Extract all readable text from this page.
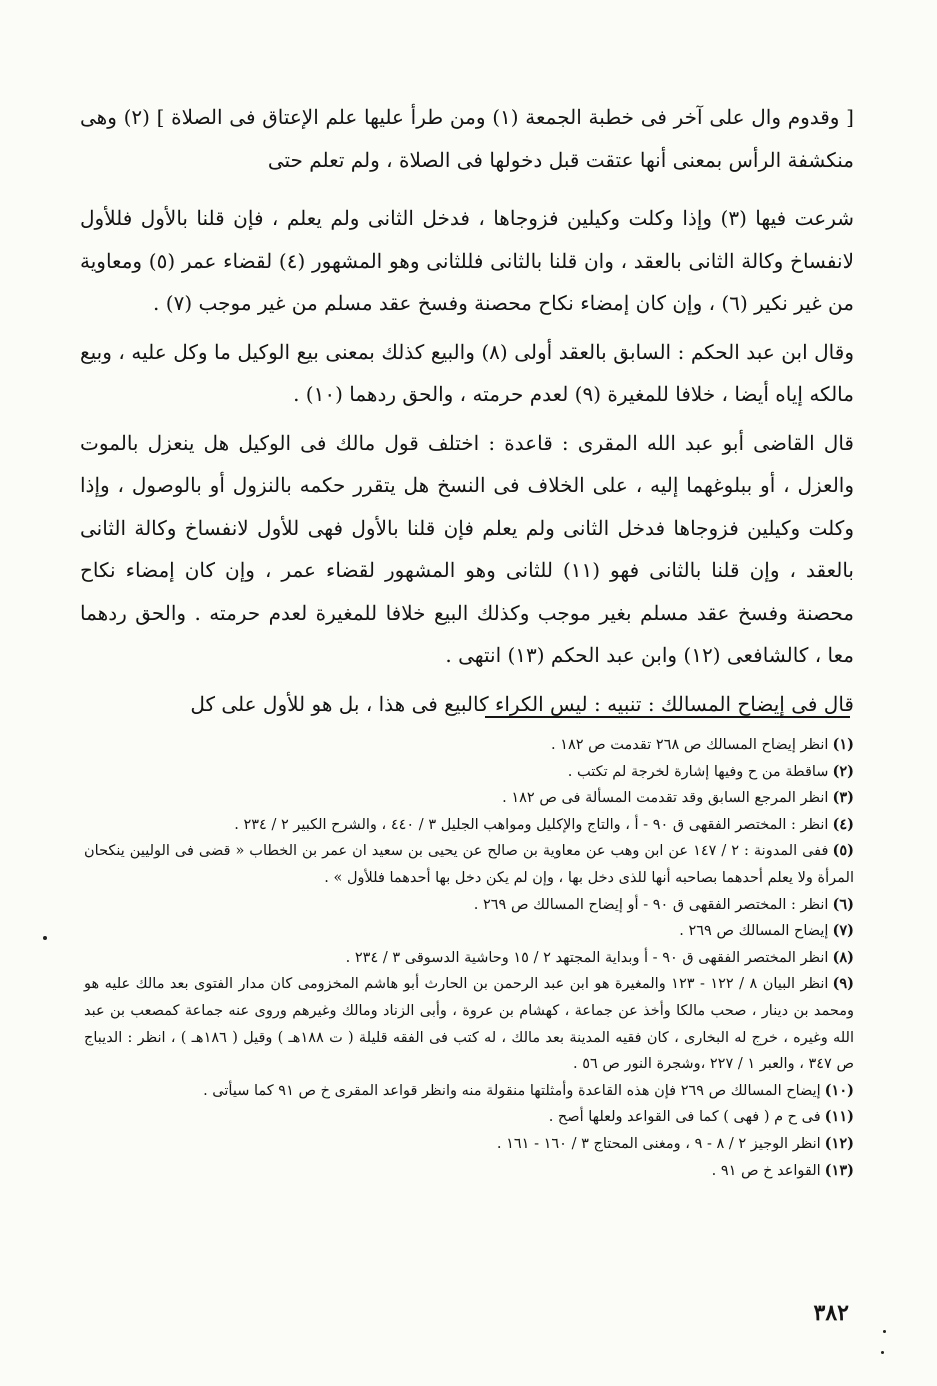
[ وقدوم وال على آخر فى خطبة الجمعة (١) ومن طرأ عليها علم الإعتاق فى الصلاة ] (٢) وهى منكشفة الرأس بمعنى أنها عتقت قبل دخولها فى الصلاة ، ولم تعلم حتى

شرعت فيها (٣) وإذا وكلت وكيلين فزوجاها ، فدخل الثانى ولم يعلم ، فإن قلنا بالأول فللأول لانفساخ وكالة الثانى بالعقد ، وان قلنا بالثانى فللثانى وهو المشهور (٤) لقضاء عمر (٥) ومعاوية من غير نكير (٦) ، وإن كان إمضاء نكاح محصنة وفسخ عقد مسلم من غير موجب (٧) .

وقال ابن عبد الحكم : السابق بالعقد أولى (٨) والبيع كذلك بمعنى بيع الوكيل ما وكل عليه ، وبيع مالكه إياه أيضا ، خلافا للمغيرة (٩) لعدم حرمته ، والحق ردهما (١٠) .

قال القاضى أبو عبد الله المقرى : قاعدة : اختلف قول مالك فى الوكيل هل ينعزل بالموت والعزل ، أو ببلوغهما إليه ، على الخلاف فى النسخ هل يتقرر حكمه بالنزول أو بالوصول ، وإذا وكلت وكيلين فزوجاها فدخل الثانى ولم يعلم فإن قلنا بالأول فهى للأول لانفساخ وكالة الثانى بالعقد ، وإن قلنا بالثانى فهو (١١) للثانى وهو المشهور لقضاء عمر ، وإن كان إمضاء نكاح محصنة وفسخ عقد مسلم بغير موجب وكذلك البيع خلافا للمغيرة لعدم حرمته . والحق ردهما معا ، كالشافعى (١٢) وابن عبد الحكم (١٣) انتهى .

قال فى إيضاح المسالك : تنبيه : ليس الكراء كالبيع فى هذا ، بل هو للأول على كل

(١)انظر إيضاح المسالك ص ٢٦٨ تقدمت ص ١٨٢ .

(٢)ساقطة من ح وفيها إشارة لخرجة لم تكتب .

(٣)انظر المرجع السابق وقد تقدمت المسألة فى ص ١٨٢ .

(٤)انظر : المختصر الفقهى ق ٩٠ - أ ، والتاج والإكليل ومواهب الجليل ٣ / ٤٤٠ ، والشرح الكبير ٢ / ٢٣٤ .

(٥)ففى المدونة : ٢ / ١٤٧ عن ابن وهب عن معاوية بن صالح عن يحيى بن سعيد ان عمر بن الخطاب « قضى فى الوليين ينكحان المرأة ولا يعلم أحدهما بصاحبه أنها للذى دخل بها ، وإن لم يكن دخل بها أحدهما فللأول » .

(٦)انظر : المختصر الفقهى ق ٩٠ - أو إيضاح المسالك ص ٢٦٩ .

(٧)إيضاح المسالك ص ٢٦٩ .

(٨)انظر المختصر الفقهى ق ٩٠ - أ وبداية المجتهد ٢ / ١٥ وحاشية الدسوقى ٣ / ٢٣٤ .

(٩)انظر البيان ٨ / ١٢٢ - ١٢٣ والمغيرة هو ابن عبد الرحمن بن الحارث أبو هاشم المخزومى كان مدار الفتوى بعد مالك عليه هو ومحمد بن دينار ، صحب مالكا وأخذ عن جماعة ، كهشام بن عروة ، وأبى الزناد ومالك وغيرهم وروى عنه جماعة كمصعب بن عبد الله وغيره ، خرج له البخارى ، كان فقيه المدينة بعد مالك ، له كتب فى الفقه قليلة ( ت ١٨٨هـ ) وقيل ( ١٨٦هـ ) ، انظر : الديباج ص ٣٤٧ ، والعبر ١ / ٢٢٧ ،وشجرة النور ص ٥٦ .

(١٠)إيضاح المسالك ص ٢٦٩ فإن هذه القاعدة وأمثلتها منقولة منه وانظر قواعد المقرى خ ص ٩١ كما سيأتى .

(١١)فى ح م ( فهى ) كما فى القواعد ولعلها أصح .

(١٢)انظر الوجيز ٢ / ٨ - ٩ ، ومغنى المحتاج ٣ / ١٦٠ - ١٦١ .

(١٣)القواعد خ ص ٩١ .

٣٨٢
